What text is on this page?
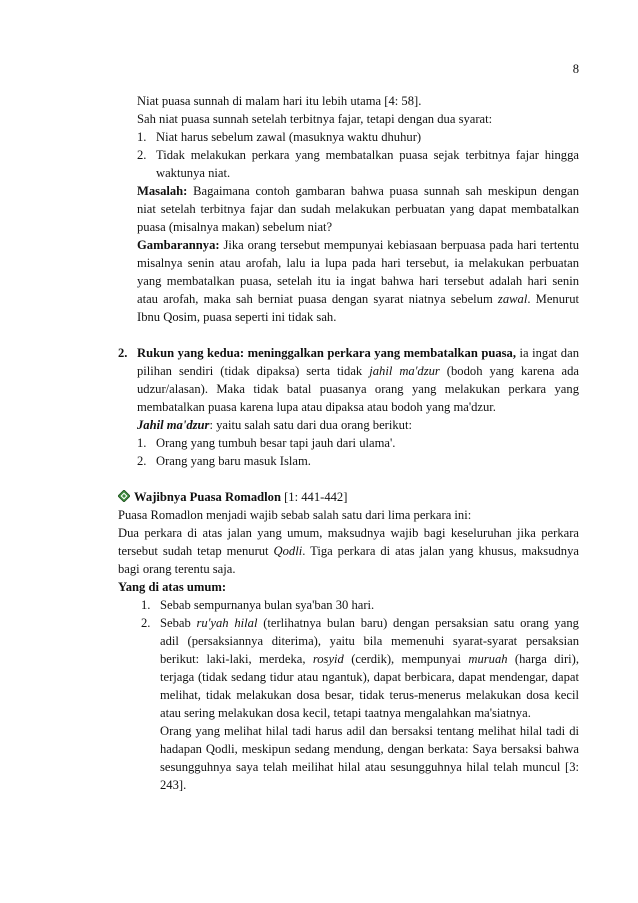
8
Niat puasa sunnah di malam hari itu lebih utama [4: 58].
Sah niat puasa sunnah setelah terbitnya fajar, tetapi dengan dua syarat:
1. Niat harus sebelum zawal (masuknya waktu dhuhur)
2. Tidak melakukan perkara yang membatalkan puasa sejak terbitnya fajar hingga
waktunya niat.
Masalah: Bagaimana contoh gambaran bahwa puasa sunnah sah meskipun dengan
niat setelah terbitnya fajar dan sudah melakukan perbuatan yang dapat membatalkan
puasa (misalnya makan) sebelum niat?
Gambarannya: Jika orang tersebut mempunyai kebiasaan berpuasa pada hari tertentu
misalnya senin atau arofah, lalu ia lupa pada hari tersebut, ia melakukan perbuatan
yang membatalkan puasa, setelah itu ia ingat bahwa hari tersebut adalah hari senin
atau arofah, maka sah berniat puasa dengan syarat niatnya sebelum zawal. Menurut
Ibnu Qosim, puasa seperti ini tidak sah.
2. Rukun yang kedua: meninggalkan perkara yang membatalkan puasa, ia ingat dan
pilihan sendiri (tidak dipaksa) serta tidak jahil ma'dzur (bodoh yang karena ada
udzur/alasan). Maka tidak batal puasanya orang yang melakukan perkara yang
membatalkan puasa karena lupa atau dipaksa atau bodoh yang ma'dzur.
Jahil ma'dzur: yaitu salah satu dari dua orang berikut:
1. Orang yang tumbuh besar tapi jauh dari ulama'.
2. Orang yang baru masuk Islam.
Wajibnya Puasa Romadlon [1: 441-442]
Puasa Romadlon menjadi wajib sebab salah satu dari lima perkara ini:
Dua perkara di atas jalan yang umum, maksudnya wajib bagi keseluruhan jika perkara
tersebut sudah tetap menurut Qodli. Tiga perkara di atas jalan yang khusus, maksudnya
bagi orang terentu saja.
Yang di atas umum:
1. Sebab sempurnanya bulan sya'ban 30 hari.
2. Sebab ru'yah hilal (terlihatnya bulan baru) dengan persaksian satu orang yang
adil (persaksiannya diterima), yaitu bila memenuhi syarat-syarat persaksian
berikut: laki-laki, merdeka, rosyid (cerdik), mempunyai muruah (harga diri),
terjaga (tidak sedang tidur atau ngantuk), dapat berbicara, dapat mendengar, dapat
melihat, tidak melakukan dosa besar, tidak terus-menerus melakukan dosa kecil
atau sering melakukan dosa kecil, tetapi taatnya mengalahkan ma'siatnya.
Orang yang melihat hilal tadi harus adil dan bersaksi tentang melihat hilal tadi di
hadapan Qodli, meskipun sedang mendung, dengan berkata: Saya bersaksi bahwa
sesungguhnya saya telah meilihat hilal atau sesungguhnya hilal telah muncul [3:
243].
